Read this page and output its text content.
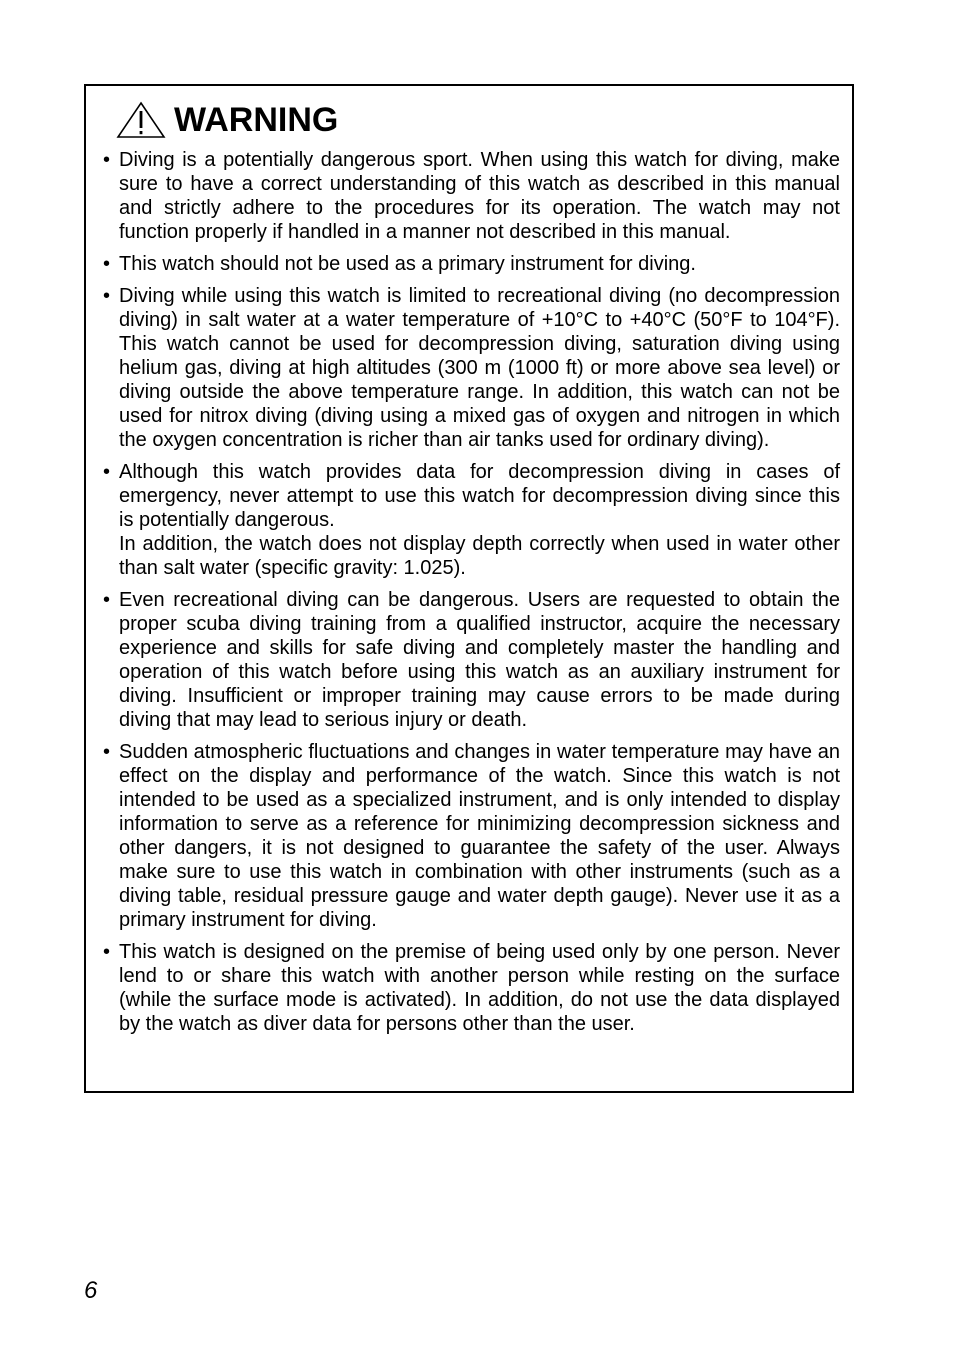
WARNING
• Diving is a potentially dangerous sport. When using this watch for diving, make sure to have a correct understanding of this watch as described in this manual and strictly adhere to the procedures for its operation. The watch may not function properly if handled in a manner not described in this manual.

• This watch should not be used as a primary instrument for diving.

• Diving while using this watch is limited to recreational diving (no decompression diving) in salt water at a water temperature of +10°C to +40°C (50°F to 104°F). This watch cannot be used for decompression diving, saturation diving using helium gas, diving at high altitudes (300 m (1000 ft) or more above sea level) or diving outside the above temperature range. In addition, this watch can not be used for nitrox diving (diving using a mixed gas of oxygen and nitrogen in which the oxygen concentration is richer than air tanks used for ordinary diving).

• Although this watch provides data for decompression diving in cases of emergency, never attempt to use this watch for decompression diving since this is potentially dangerous.

In addition, the watch does not display depth correctly when used in water other than salt water (specific gravity: 1.025).

• Even recreational diving can be dangerous. Users are requested to obtain the proper scuba diving training from a qualified instructor, acquire the necessary experience and skills for safe diving and completely master the handling and operation of this watch before using this watch as an auxiliary instrument for diving. Insufficient or improper training may cause errors to be made during diving that may lead to serious injury or death.

• Sudden atmospheric fluctuations and changes in water temperature may have an effect on the display and performance of the watch. Since this watch is not intended to be used as a specialized instrument, and is only intended to display information to serve as a reference for minimizing decompression sickness and other dangers, it is not designed to guarantee the safety of the user. Always make sure to use this watch in combination with other instruments (such as a diving table, residual pressure gauge and water depth gauge). Never use it as a primary instrument for diving.

• This watch is designed on the premise of being used only by one person. Never lend to or share this watch with another person while resting on the surface (while the surface mode is activated). In addition, do not use the data displayed by the watch as diver data for persons other than the user.

6
